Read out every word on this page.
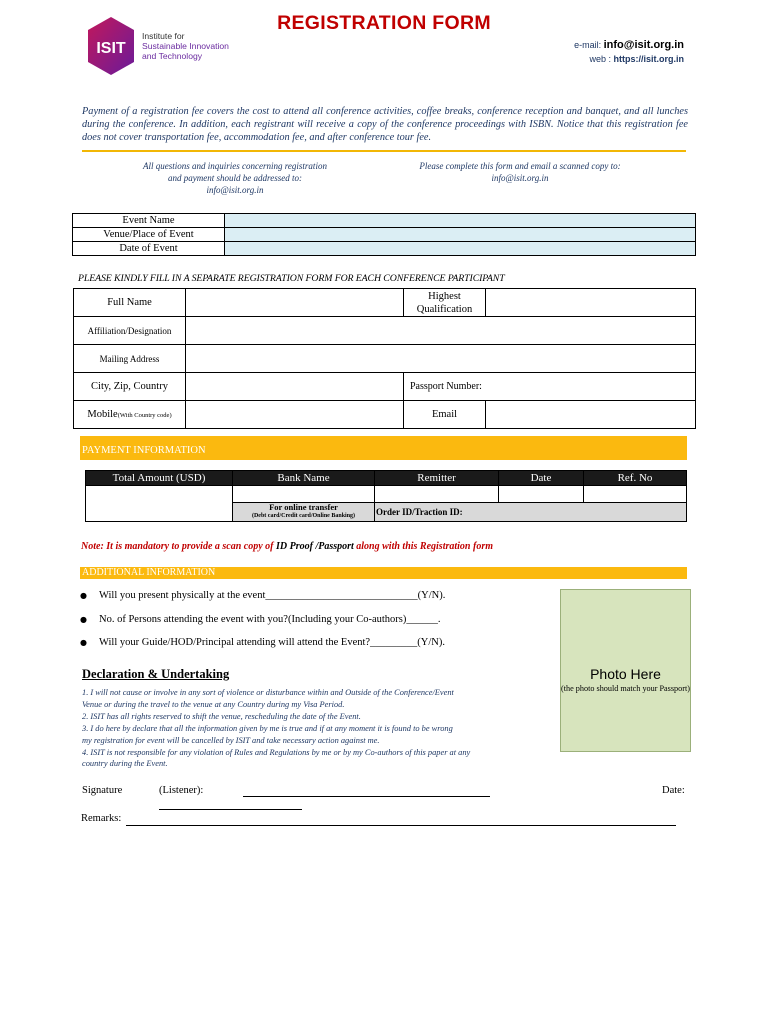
ISIT
Institute for
Sustainable Innovation
and Technology
REGISTRATION FORM
e-mail: info@isit.org.in
web : https://isit.org.in
Payment of a registration fee covers the cost to attend all conference activities, coffee breaks, conference reception and banquet, and all lunches during the conference. In addition, each registrant will receive a copy of the conference proceedings with ISBN. Notice that this registration fee does not cover transportation fee, accommodation fee, and after conference tour fee.
All questions and inquiries concerning registration
and payment should be addressed to:
info@isit.org.in
Please complete this form and email a scanned copy to:
info@isit.org.in
Event Name	
Venue/Place of Event	
Date of Event	
PLEASE KINDLY FILL IN A SEPARATE REGISTRATION FORM FOR EACH CONFERENCE PARTICIPANT
Full Name		Highest
Qualification	
Affiliation/Designation			
Mailing Address			
City, Zip, Country		Passport Number:	
Mobile(With Country code)		Email	
PAYMENT INFORMATION
Total Amount (USD)	Bank Name	Remitter	Date	Ref. No

	For online transfer
(Debt card/Credit card/Online Banking)	Order ID/Traction ID:		
Note: It is mandatory to provide a scan copy of ID Proof /Passport along with this Registration form
ADDITIONAL INFORMATION
● Will you present physically at the event_____________________________(Y/N).
● No. of Persons attending the event with you?(Including your Co-authors)______.
● Will your Guide/HOD/Principal attending will attend the Event?_________(Y/N).
Photo Here
(the photo should match your Passport)
Declaration & Undertaking
1. I will not cause or involve in any sort of violence or disturbance within and Outside of the Conference/Event
Venue or during the travel to the venue at any Country during my Visa Period.
2. ISIT has all rights reserved to shift the venue, rescheduling the date of the Event.
3. I do here by declare that all the information given by me is true and if at any moment it is found to be wrong
my registration for event will be cancelled by ISIT and take necessary action against me.
4. ISIT is not responsible for any violation of Rules and Regulations by me or by my Co-authors of this paper at any
country during the Event.
Signature	(Listener):	Date:
Remarks:
